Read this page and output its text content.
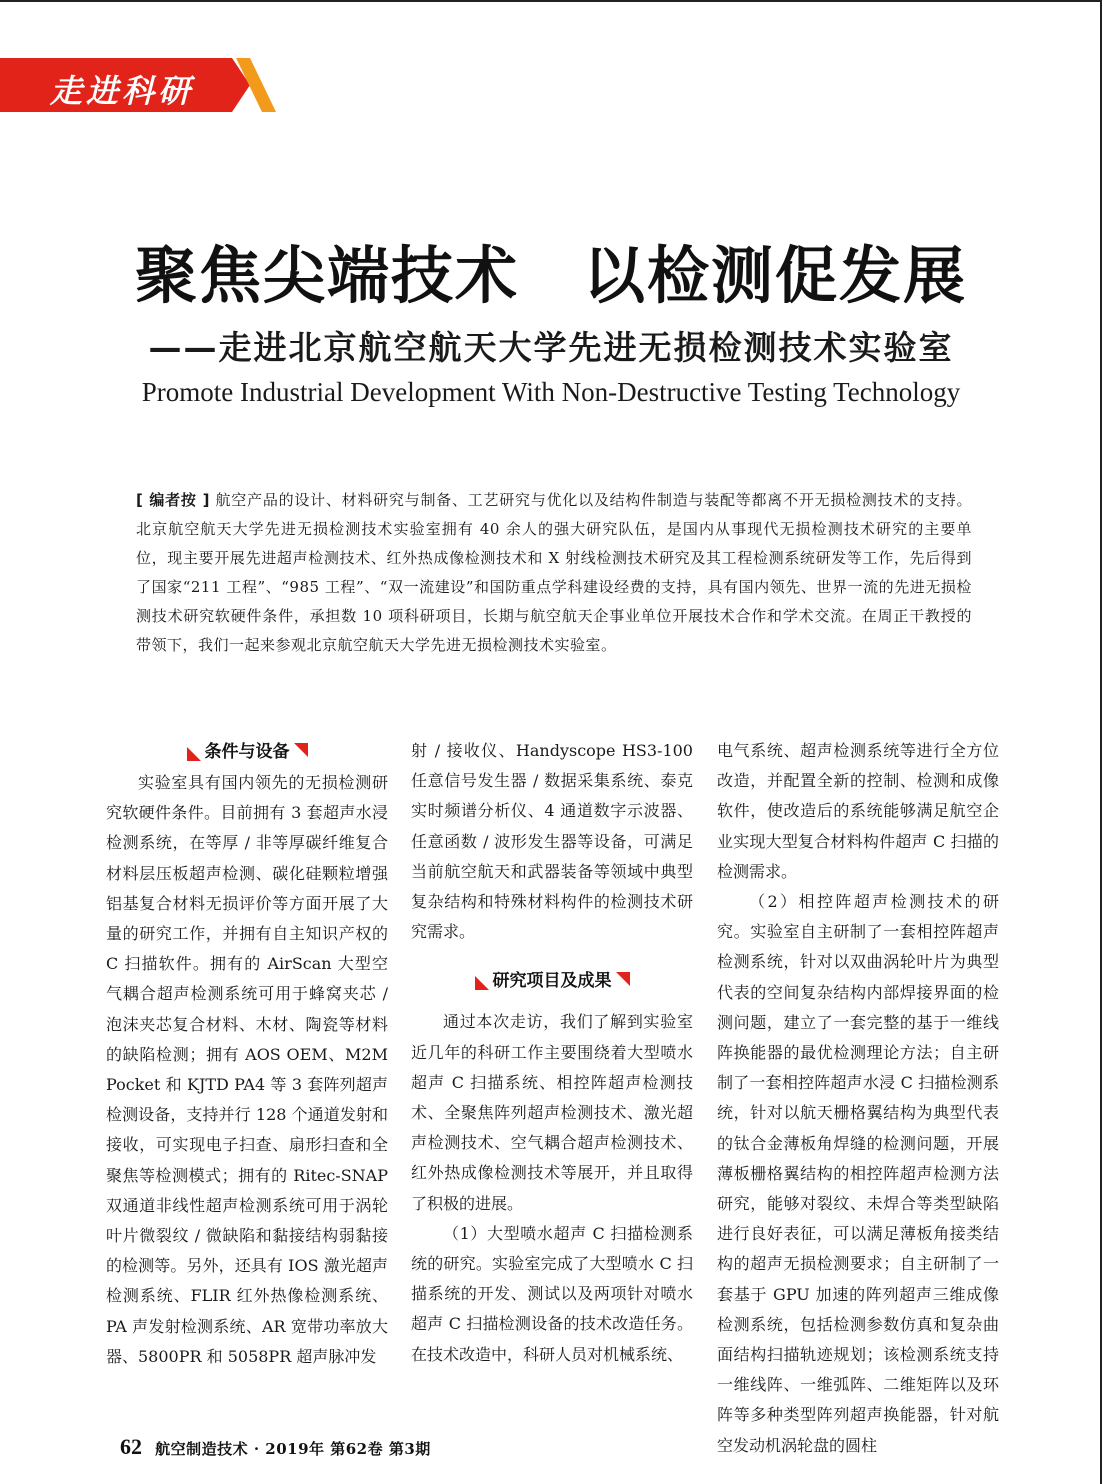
走进科研
聚焦尖端技术　以检测促发展
——走进北京航空航天大学先进无损检测技术实验室
Promote Industrial Development With Non-Destructive Testing Technology
[ 编者按 ] 航空产品的设计、材料研究与制备、工艺研究与优化以及结构件制造与装配等都离不开无损检测技术的支持。北京航空航天大学先进无损检测技术实验室拥有 40 余人的强大研究队伍，是国内从事现代无损检测技术研究的主要单位，现主要开展先进超声检测技术、红外热成像检测技术和 X 射线检测技术研究及其工程检测系统研发等工作，先后得到了国家“211 工程”、“985 工程”、“双一流建设”和国防重点学科建设经费的支持，具有国内领先、世界一流的先进无损检测技术研究软硬件条件，承担数 10 项科研项目，长期与航空航天企事业单位开展技术合作和学术交流。在周正干教授的带领下，我们一起来参观北京航空航天大学先进无损检测技术实验室。
条件与设备

实验室具有国内领先的无损检测研究软硬件条件。目前拥有 3 套超声水浸检测系统，在等厚 / 非等厚碳纤维复合材料层压板超声检测、碳化硅颗粒增强铝基复合材料无损评价等方面开展了大量的研究工作，并拥有自主知识产权的 C 扫描软件。拥有的 AirScan 大型空气耦合超声检测系统可用于蜂窝夹芯 / 泡沫夹芯复合材料、木材、陶瓷等材料的缺陷检测；拥有 AOS OEM、M2M Pocket 和 KJTD PA4 等 3 套阵列超声检测设备，支持并行 128 个通道发射和接收，可实现电子扫查、扇形扫查和全聚焦等检测模式；拥有的 Ritec-SNAP 双通道非线性超声检测系统可用于涡轮叶片微裂纹 / 微缺陷和黏接结构弱黏接的检测等。另外，还具有 IOS 激光超声检测系统、FLIR 红外热像检测系统、PA 声发射检测系统、AR 宽带功率放大器、5800PR 和 5058PR 超声脉冲发

射 / 接收仪、Handyscope HS3-100 任意信号发生器 / 数据采集系统、泰克实时频谱分析仪、4 通道数字示波器、任意函数 / 波形发生器等设备，可满足当前航空航天和武器装备等领域中典型复杂结构和特殊材料构件的检测技术研究需求。

研究项目及成果

通过本次走访，我们了解到实验室近几年的科研工作主要围绕着大型喷水超声 C 扫描系统、相控阵超声检测技术、全聚焦阵列超声检测技术、激光超声检测技术、空气耦合超声检测技术、红外热成像检测技术等展开，并且取得了积极的进展。

（1）大型喷水超声 C 扫描检测系统的研究。实验室完成了大型喷水 C 扫描系统的开发、测试以及两项针对喷水超声 C 扫描检测设备的技术改造任务。在技术改造中，科研人员对机械系统、

电气系统、超声检测系统等进行全方位改造，并配置全新的控制、检测和成像软件，使改造后的系统能够满足航空企业实现大型复合材料构件超声 C 扫描的检测需求。

（2）相控阵超声检测技术的研究。实验室自主研制了一套相控阵超声检测系统，针对以双曲涡轮叶片为典型代表的空间复杂结构内部焊接界面的检测问题，建立了一套完整的基于一维线阵换能器的最优检测理论方法；自主研制了一套相控阵超声水浸 C 扫描检测系统，针对以航天栅格翼结构为典型代表的钛合金薄板角焊缝的检测问题，开展薄板栅格翼结构的相控阵超声检测方法研究，能够对裂纹、未焊合等类型缺陷进行良好表征，可以满足薄板角接类结构的超声无损检测要求；自主研制了一套基于 GPU 加速的阵列超声三维成像检测系统，包括检测参数仿真和复杂曲面结构扫描轨迹规划；该检测系统支持一维线阵、一维弧阵、二维矩阵以及环阵等多种类型阵列超声换能器，针对航空发动机涡轮盘的圆柱

62 航空制造技术 · 2019年 第62卷 第3期
